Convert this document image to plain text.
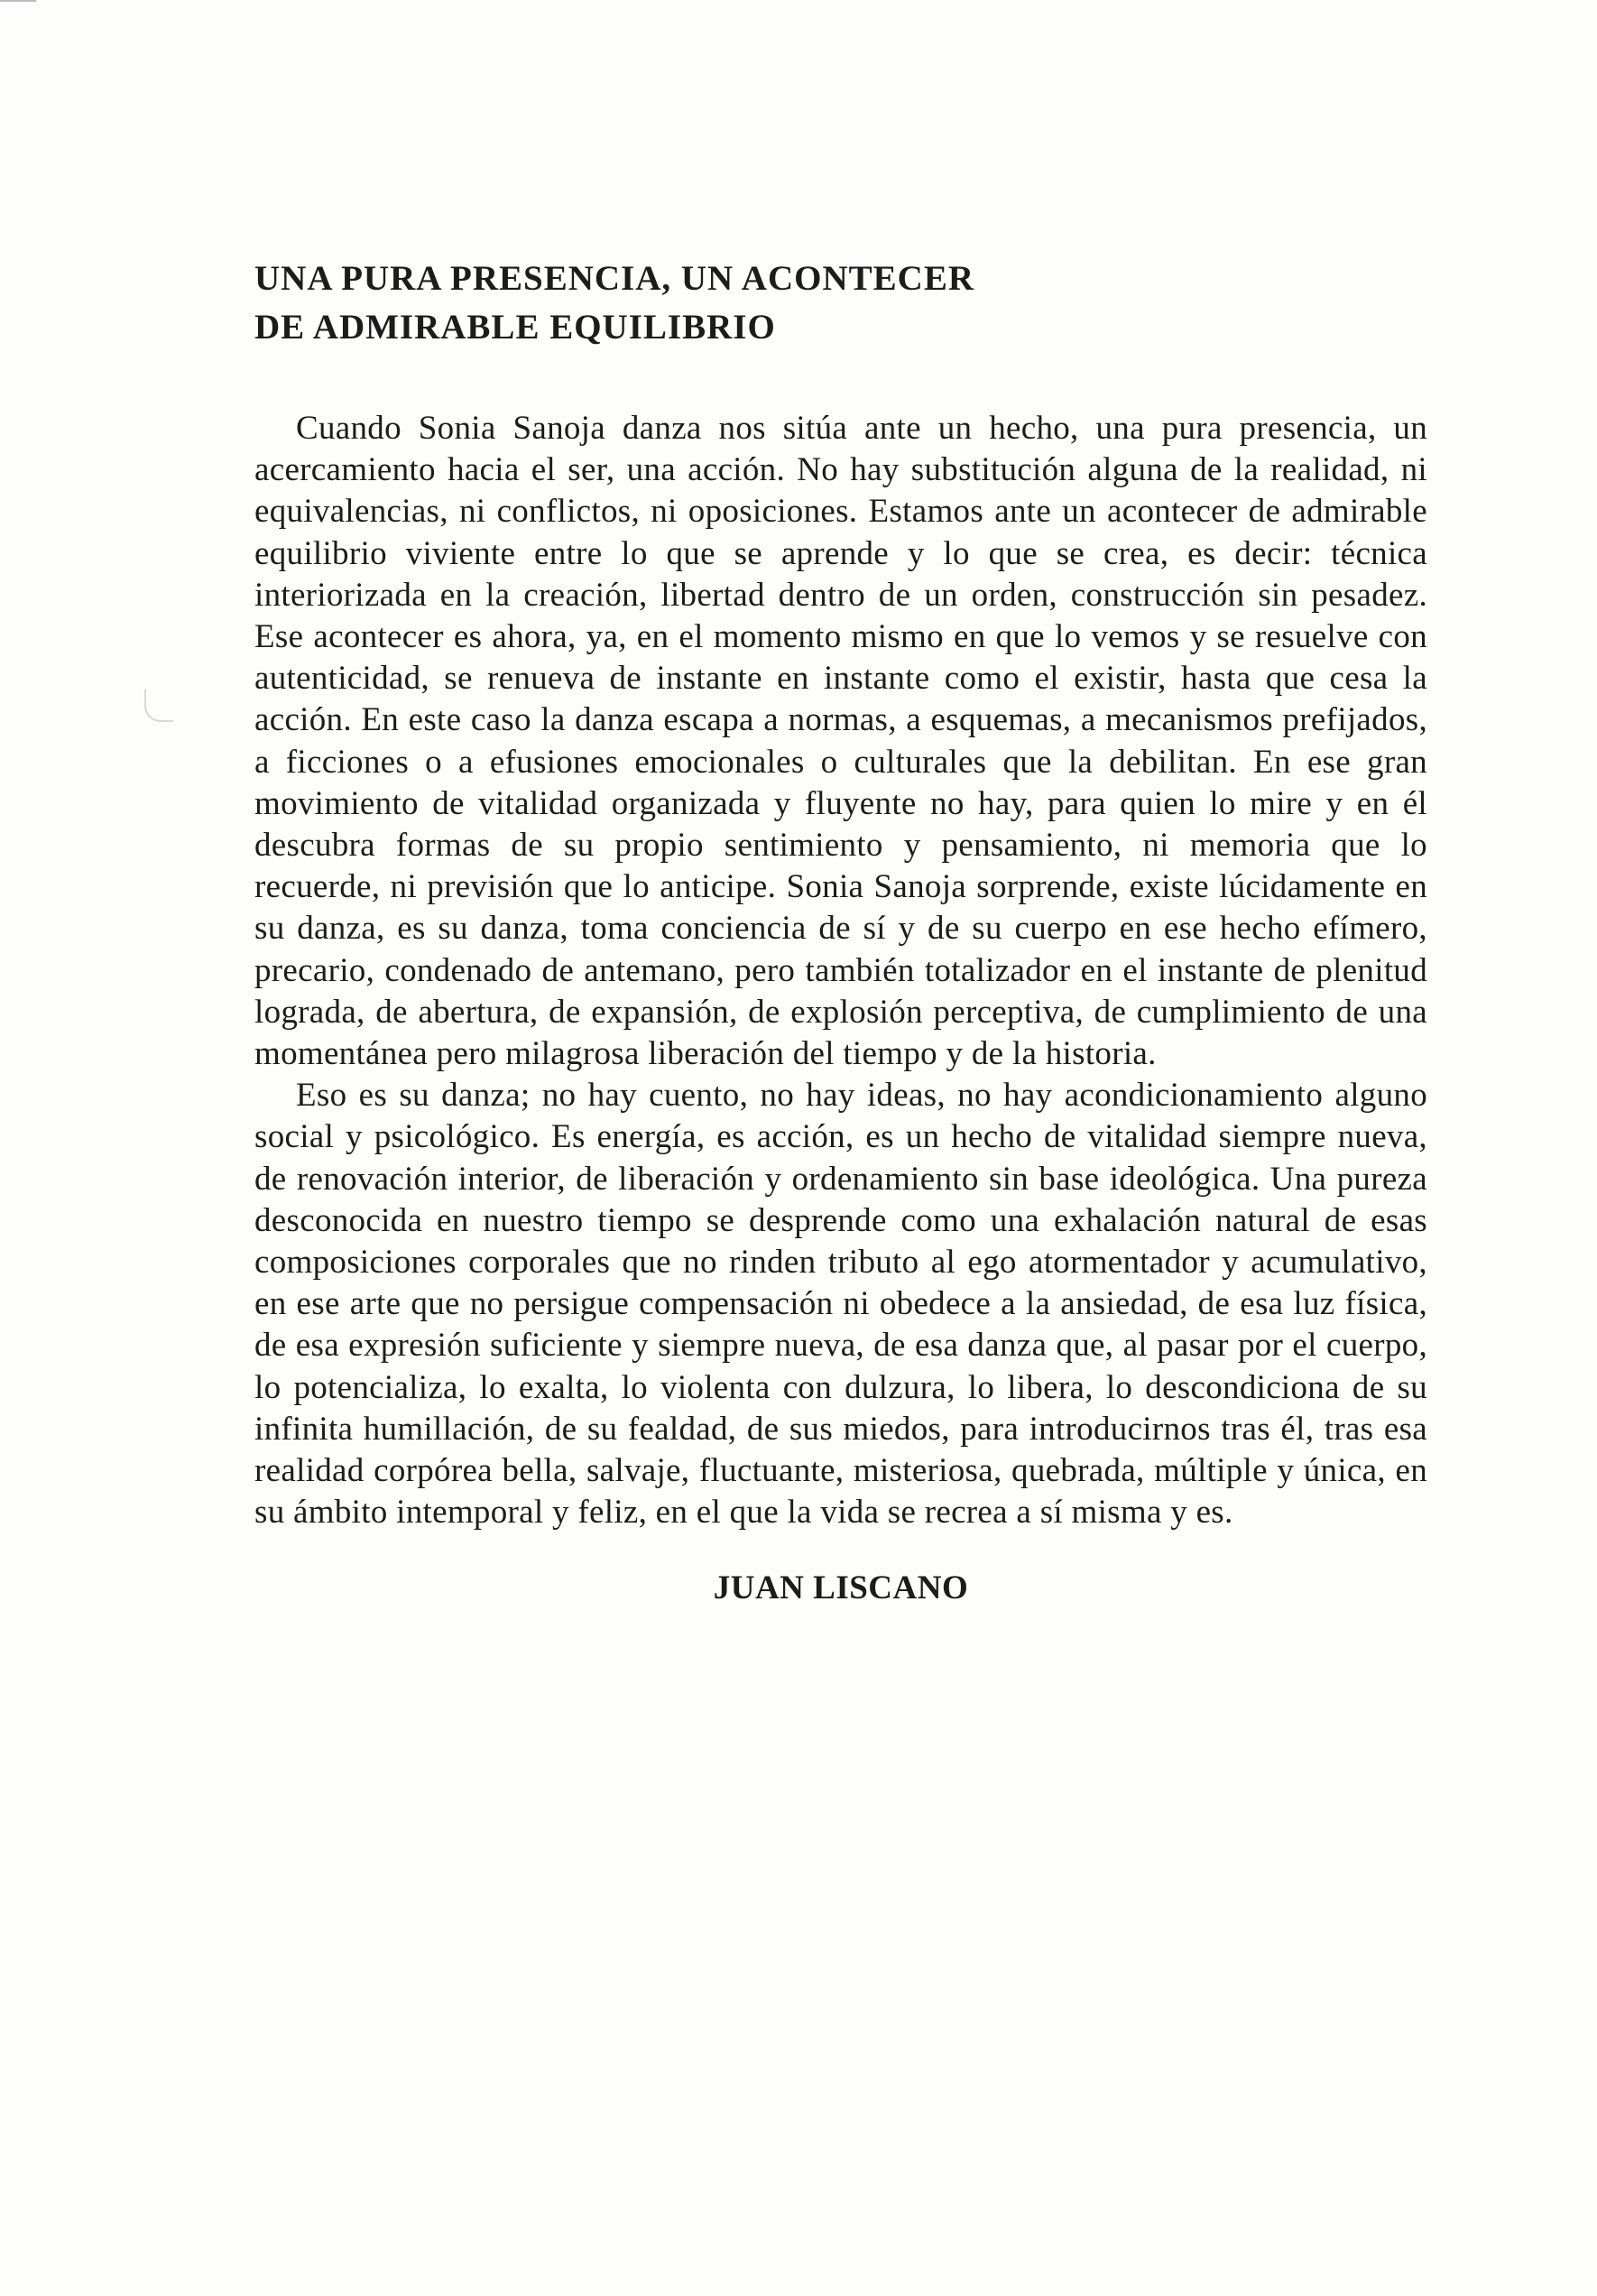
UNA PURA PRESENCIA, UN ACONTECER
DE ADMIRABLE EQUILIBRIO

Cuando Sonia Sanoja danza nos sitúa ante un hecho, una pura presencia, un acercamiento hacia el ser, una acción. No hay substitución alguna de la realidad, ni equivalencias, ni conflictos, ni oposiciones. Estamos ante un acontecer de admirable equilibrio viviente entre lo que se aprende y lo que se crea, es decir: técnica interiorizada en la creación, libertad dentro de un orden, construcción sin pesadez. Ese acontecer es ahora, ya, en el momento mismo en que lo vemos y se resuelve con autenticidad, se renueva de instante en instante como el existir, hasta que cesa la acción. En este caso la danza escapa a normas, a esquemas, a mecanismos prefijados, a ficciones o a efusiones emocionales o culturales que la debilitan. En ese gran movimiento de vitalidad organizada y fluyente no hay, para quien lo mire y en él descubra formas de su propio sentimiento y pensamiento, ni memoria que lo recuerde, ni previsión que lo anticipe. Sonia Sanoja sorprende, existe lúcidamente en su danza, es su danza, toma conciencia de sí y de su cuerpo en ese hecho efímero, precario, condenado de antemano, pero también totalizador en el instante de plenitud lograda, de abertura, de expansión, de explosión perceptiva, de cumplimiento de una momentánea pero milagrosa liberación del tiempo y de la historia.

Eso es su danza; no hay cuento, no hay ideas, no hay acondicionamiento alguno social y psicológico. Es energía, es acción, es un hecho de vitalidad siempre nueva, de renovación interior, de liberación y ordenamiento sin base ideológica. Una pureza desconocida en nuestro tiempo se desprende como una exhalación natural de esas composiciones corporales que no rinden tributo al ego atormentador y acumulativo, en ese arte que no persigue compensación ni obedece a la ansiedad, de esa luz física, de esa expresión suficiente y siempre nueva, de esa danza que, al pasar por el cuerpo, lo potencializa, lo exalta, lo violenta con dulzura, lo libera, lo descondiciona de su infinita humillación, de su fealdad, de sus miedos, para introducirnos tras él, tras esa realidad corpórea bella, salvaje, fluctuante, misteriosa, quebrada, múltiple y única, en su ámbito intemporal y feliz, en el que la vida se recrea a sí misma y es.

JUAN LISCANO
